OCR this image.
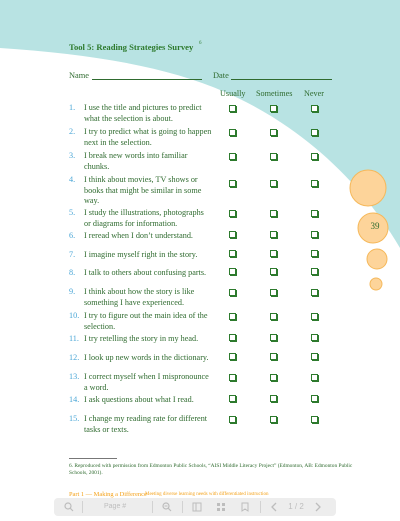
Tool 5: Reading Strategies Survey 6
Name	Date
Usually Sometimes Never
1. I use the title and pictures to predict what the selection is about.
2. I try to predict what is going to happen next in the selection.
3. I break new words into familiar chunks.
4. I think about movies, TV shows or books that might be similar in some way.
5. I study the illustrations, photographs or diagrams for information.
6. I reread when I don’t understand.
7. I imagine myself right in the story.
8. I talk to others about confusing parts.
9. I think about how the story is like something I have experienced.
10. I try to figure out the main idea of the selection.
11. I try retelling the story in my head.
12. I look up new words in the dictionary.
13. I correct myself when I mispronounce a word.
14. I ask questions about what I read.
15. I change my reading rate for different tasks or texts.
6. Reproduced with permission from Edmonton Public Schools, “AISI Middle Literacy Project” (Edmonton, AB: Edmonton Public Schools, 2001).
39
Part 1 — Making a Difference
Meeting diverse learning needs with differentiated instruction
Page #	1 / 2
